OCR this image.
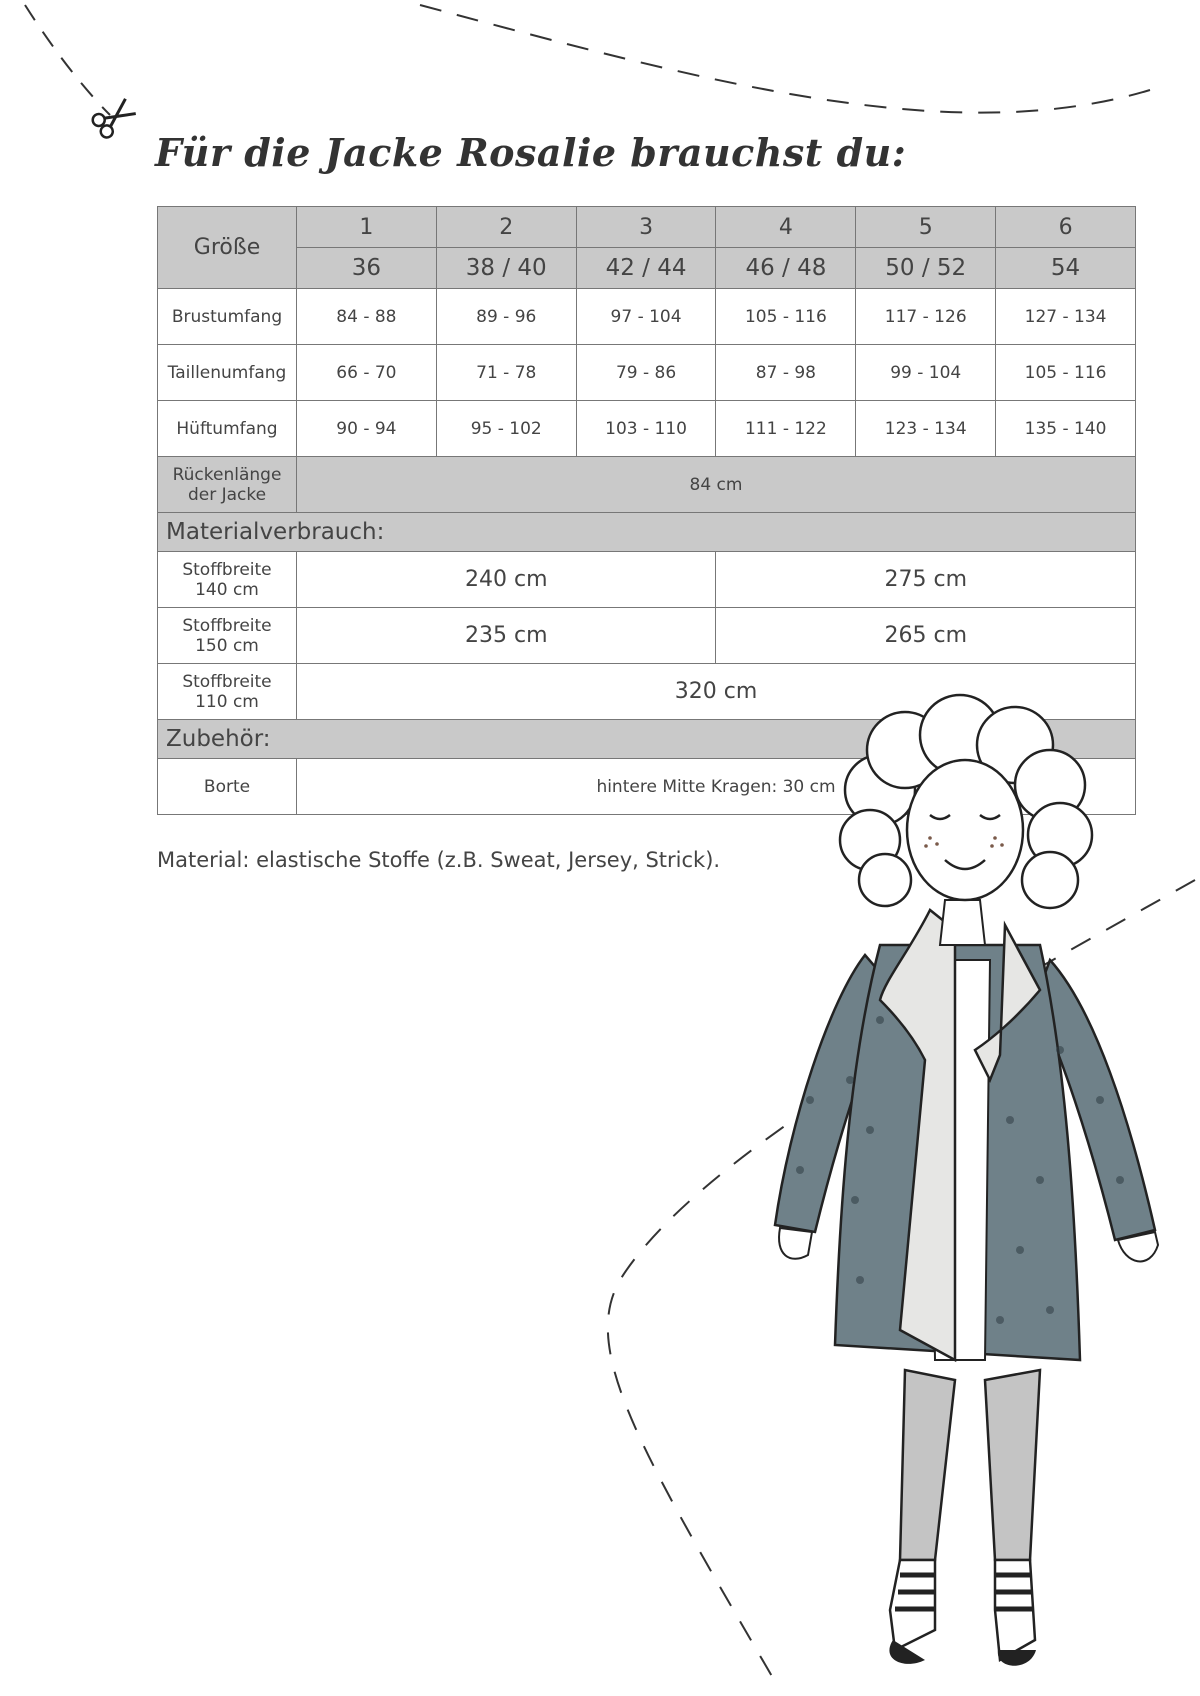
Für die Jacke Rosalie brauchst du:
Größe	1	2	3	4	5	6
	36	38 / 40	42 / 44	46 / 48	50 / 52	54
Brustumfang	84 - 88	89 - 96	97 - 104	105 - 116	117 - 126	127 - 134
Taillenumfang	66 - 70	71 - 78	79 - 86	87 - 98	99 - 104	105 - 116
Hüftumfang	90 - 94	95 - 102	103 - 110	111 - 122	123 - 134	135 - 140
Rückenlänge
der Jacke	84 cm					
Materialverbrauch:						
Stoffbreite
140 cm	240 cm			275 cm		
Stoffbreite
150 cm	235 cm			265 cm		
Stoffbreite
110 cm	320 cm					
Zubehör:						
Borte	hintere Mitte Kragen: 30 cm					

Material: elastische Stoffe (z.B. Sweat, Jersey, Strick).
